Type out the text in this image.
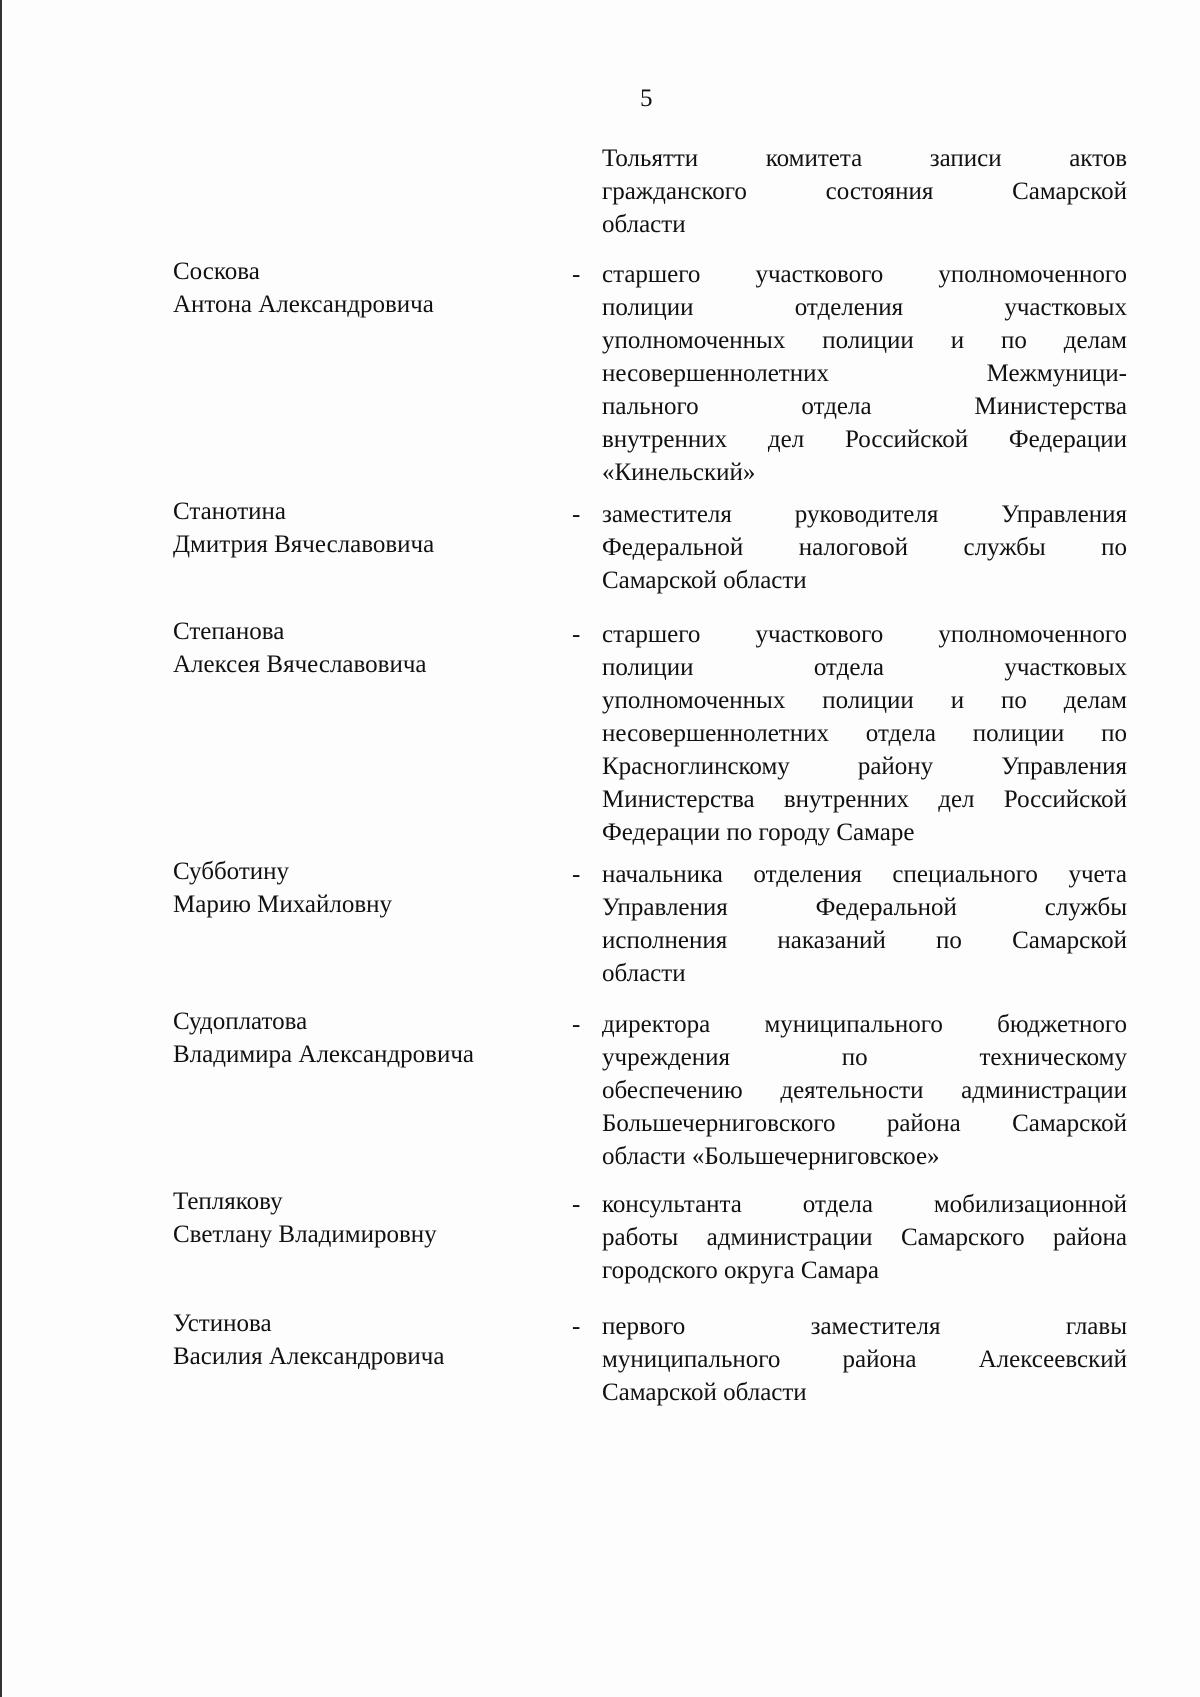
5
Тольятти	комитета	записи	актов
гражданского	состояния	Самарской
области
Соскова
Антона Александровича
- старшего участкового уполномоченного
полиции	отделения	участковых
уполномоченных полиции и по делам
несовершеннолетних	Межмуници-
пального	отдела	Министерства
внутренних дел Российской Федерации
«Кинельский»
Станотина
Дмитрия Вячеславовича
- заместителя	руководителя	Управления
Федеральной налоговой службы по
Самарской области
Степанова
Алексея Вячеславовича
- старшего участкового уполномоченного
полиции	отдела	участковых
уполномоченных полиции и по делам
несовершеннолетних отдела полиции по
Красноглинскому	району	Управления
Министерства внутренних дел Российской
Федерации по городу Самаре
Субботину
Марию Михайловну
- начальника отделения специального учета
Управления	Федеральной	службы
исполнения наказаний по Самарской
области
Судоплатова
Владимира Александровича
- директора муниципального бюджетного
учреждения	по	техническому
обеспечению деятельности администрации
Большечерниговского района Самарской
области «Большечерниговское»
Теплякову
Светлану Владимировну
- консультанта отдела мобилизационной
работы администрации Самарского района
городского округа Самара
Устинова
Василия Александровича
- первого	заместителя	главы
муниципального района Алексеевский
Самарской области
